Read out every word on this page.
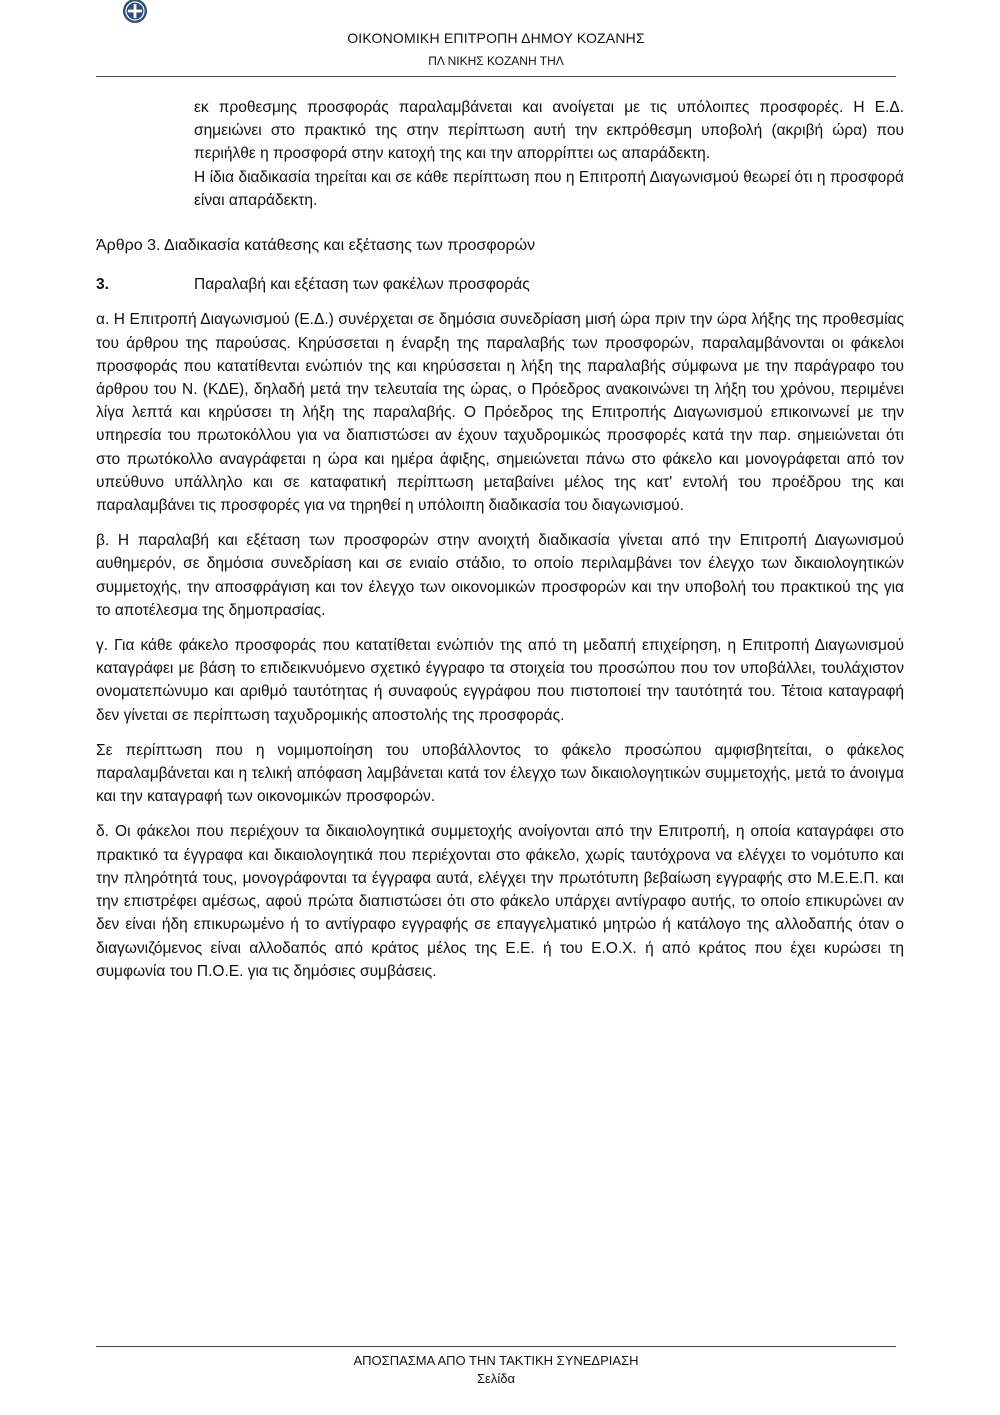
ΟΙΚΟΝΟΜΙΚΗ ΕΠΙΤΡΟΠΗ ΔΗΜΟΥ ΚΟΖΑΝΗΣ
ΠΛ ΝΙΚΗΣ ΚΟΖΑΝΗ ΤΗΛ

εκ προθεσμης προσφοράς παραλαμβάνεται και ανοίγεται με τις υπόλοιπες προσφορές. Η Ε.Δ. σημειώνει στο πρακτικό της στην περίπτωση αυτή την εκπρόθεσμη υποβολή (ακριβή ώρα) που περιήλθε η προσφορά στην κατοχή της και την απορρίπτει ως απαράδεκτη.

Η ίδια διαδικασία τηρείται και σε κάθε περίπτωση που η Επιτροπή Διαγωνισμού θεωρεί ότι η προσφορά είναι απαράδεκτη.

Άρθρο 3. Διαδικασία κατάθεσης και εξέτασης των προσφορών

3.	Παραλαβή και εξέταση των φακέλων προσφοράς

α. Η Επιτροπή Διαγωνισμού (Ε.Δ.) συνέρχεται σε δημόσια συνεδρίαση μισή ώρα πριν την ώρα λήξης της προθεσμίας του άρθρου της παρούσας. Κηρύσσεται η έναρξη της παραλαβής των προσφορών, παραλαμβάνονται οι φάκελοι προσφοράς που κατατίθενται ενώπιόν της και κηρύσσεται η λήξη της παραλαβής σύμφωνα με την παράγραφο του άρθρου του Ν. (ΚΔΕ), δηλαδή μετά την τελευταία της ώρας, ο Πρόεδρος ανακοινώνει τη λήξη του χρόνου, περιμένει λίγα λεπτά και κηρύσσει τη λήξη της παραλαβής. Ο Πρόεδρος της Επιτροπής Διαγωνισμού επικοινωνεί με την υπηρεσία του πρωτοκόλλου για να διαπιστώσει αν έχουν ταχυδρομικώς προσφορές κατά την παρ. σημειώνεται ότι στο πρωτόκολλο αναγράφεται η ώρα και ημέρα άφιξης, σημειώνεται πάνω στο φάκελο και μονογράφεται από τον υπεύθυνο υπάλληλο και σε καταφατική περίπτωση μεταβαίνει μέλος της κατ' εντολή του προέδρου της και παραλαμβάνει τις προσφορές για να τηρηθεί η υπόλοιπη διαδικασία του διαγωνισμού.

β. Η παραλαβή και εξέταση των προσφορών στην ανοιχτή διαδικασία γίνεται από την Επιτροπή Διαγωνισμού αυθημερόν, σε δημόσια συνεδρίαση και σε ενιαίο στάδιο, το οποίο περιλαμβάνει τον έλεγχο των δικαιολογητικών συμμετοχής, την αποσφράγιση και τον έλεγχο των οικονομικών προσφορών και την υποβολή του πρακτικού της για το αποτέλεσμα της δημοπρασίας.

γ. Για κάθε φάκελο προσφοράς που κατατίθεται ενώπιόν της από τη μεδαπή επιχείρηση, η Επιτροπή Διαγωνισμού καταγράφει με βάση το επιδεικνυόμενο σχετικό έγγραφο τα στοιχεία του προσώπου που τον υποβάλλει, τουλάχιστον ονοματεπώνυμο και αριθμό ταυτότητας ή συναφούς εγγράφου που πιστοποιεί την ταυτότητά του. Τέτοια καταγραφή δεν γίνεται σε περίπτωση ταχυδρομικής αποστολής της προσφοράς.

Σε περίπτωση που η νομιμοποίηση του υποβάλλοντος το φάκελο προσώπου αμφισβητείται, ο φάκελος παραλαμβάνεται και η τελική απόφαση λαμβάνεται κατά τον έλεγχο των δικαιολογητικών συμμετοχής, μετά το άνοιγμα και την καταγραφή των οικονομικών προσφορών.

δ. Οι φάκελοι που περιέχουν τα δικαιολογητικά συμμετοχής ανοίγονται από την Επιτροπή, η οποία καταγράφει στο πρακτικό τα έγγραφα και δικαιολογητικά που περιέχονται στο φάκελο, χωρίς ταυτόχρονα να ελέγχει το νομότυπο και την πληρότητά τους, μονογράφονται τα έγγραφα αυτά, ελέγχει την πρωτότυπη βεβαίωση εγγραφής στο Μ.Ε.Ε.Π. και την επιστρέφει αμέσως, αφού πρώτα διαπιστώσει ότι στο φάκελο υπάρχει αντίγραφο αυτής, το οποίο επικυρώνει αν δεν είναι ήδη επικυρωμένο ή το αντίγραφο εγγραφής σε επαγγελματικό μητρώο ή κατάλογο της αλλοδαπής όταν ο διαγωνιζόμενος είναι αλλοδαπός από κράτος μέλος της Ε.Ε. ή του Ε.Ο.Χ. ή από κράτος που έχει κυρώσει τη συμφωνία του Π.Ο.Ε. για τις δημόσιες συμβάσεις.

ΑΠΟΣΠΑΣΜΑ ΑΠΟ ΤΗΝ ΤΑΚΤΙΚΗ ΣΥΝΕΔΡΙΑΣΗ
Σελίδα
